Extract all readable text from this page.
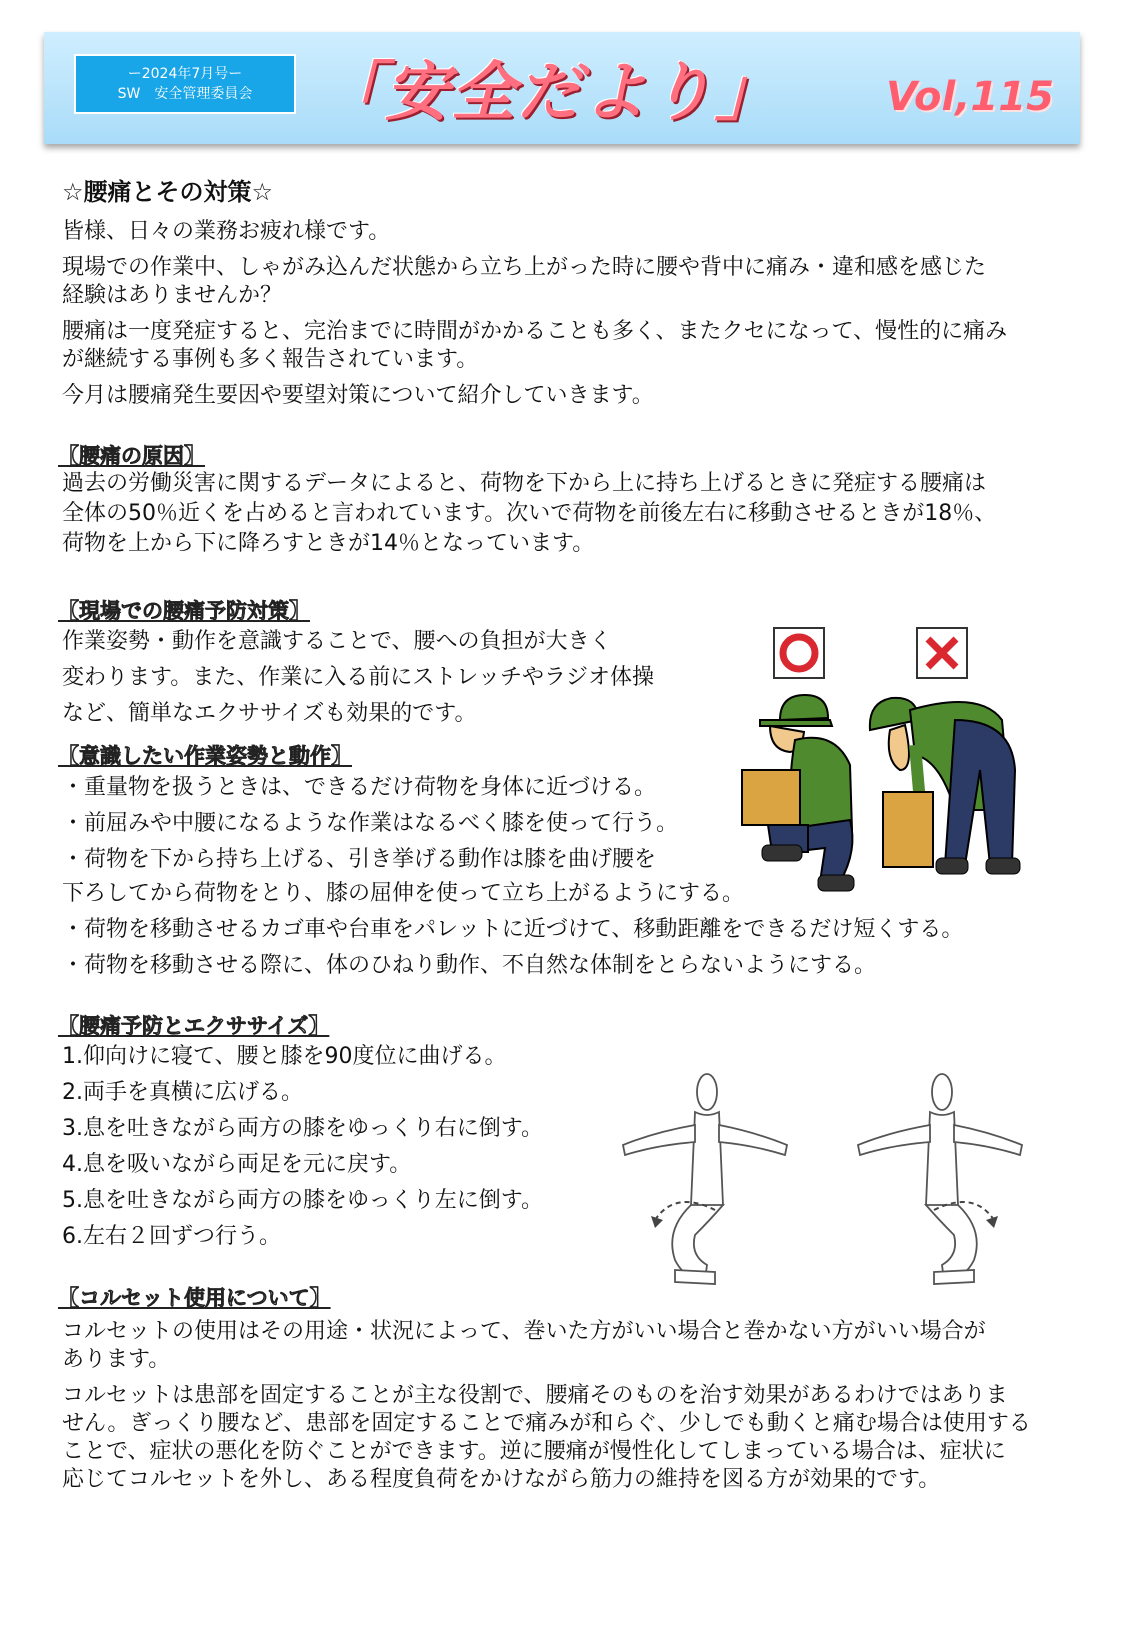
ー2024年7月号ー
SW　安全管理委員会	「安全だより」	Vol,115
☆腰痛とその対策☆
皆様、日々の業務お疲れ様です。
現場での作業中、しゃがみ込んだ状態から立ち上がった時に腰や背中に痛み・違和感を感じた
経験はありませんか？
腰痛は一度発症すると、完治までに時間がかかることも多く、またクセになって、慢性的に痛み
が継続する事例も多く報告されています。
今月は腰痛発生要因や要望対策について紹介していきます。
【腰痛の原因】
過去の労働災害に関するデータによると、荷物を下から上に持ち上げるときに発症する腰痛は
全体の50％近くを占めると言われています。次いで荷物を前後左右に移動させるときが18％、
荷物を上から下に降ろすときが14％となっています。
【現場での腰痛予防対策】
作業姿勢・動作を意識することで、腰への負担が大きく
変わります。また、作業に入る前にストレッチやラジオ体操
など、簡単なエクササイズも効果的です。
【意識したい作業姿勢と動作】
・重量物を扱うときは、できるだけ荷物を身体に近づける。
・前屈みや中腰になるような作業はなるべく膝を使って行う。
・荷物を下から持ち上げる、引き挙げる動作は膝を曲げ腰を
下ろしてから荷物をとり、膝の屈伸を使って立ち上がるようにする。
・荷物を移動させるカゴ車や台車をパレットに近づけて、移動距離をできるだけ短くする。
・荷物を移動させる際に、体のひねり動作、不自然な体制をとらないようにする。
【腰痛予防とエクササイズ】
1.仰向けに寝て、腰と膝を90度位に曲げる。
2.両手を真横に広げる。
3.息を吐きながら両方の膝をゆっくり右に倒す。
4.息を吸いながら両足を元に戻す。
5.息を吐きながら両方の膝をゆっくり左に倒す。
6.左右２回ずつ行う。
【コルセット使用について】
コルセットの使用はその用途・状況によって、巻いた方がいい場合と巻かない方がいい場合が
あります。
コルセットは患部を固定することが主な役割で、腰痛そのものを治す効果があるわけではありま
せん。ぎっくり腰など、患部を固定することで痛みが和らぐ、少しでも動くと痛む場合は使用する
ことで、症状の悪化を防ぐことができます。逆に腰痛が慢性化してしまっている場合は、症状に
応じてコルセットを外し、ある程度負荷をかけながら筋力の維持を図る方が効果的です。
